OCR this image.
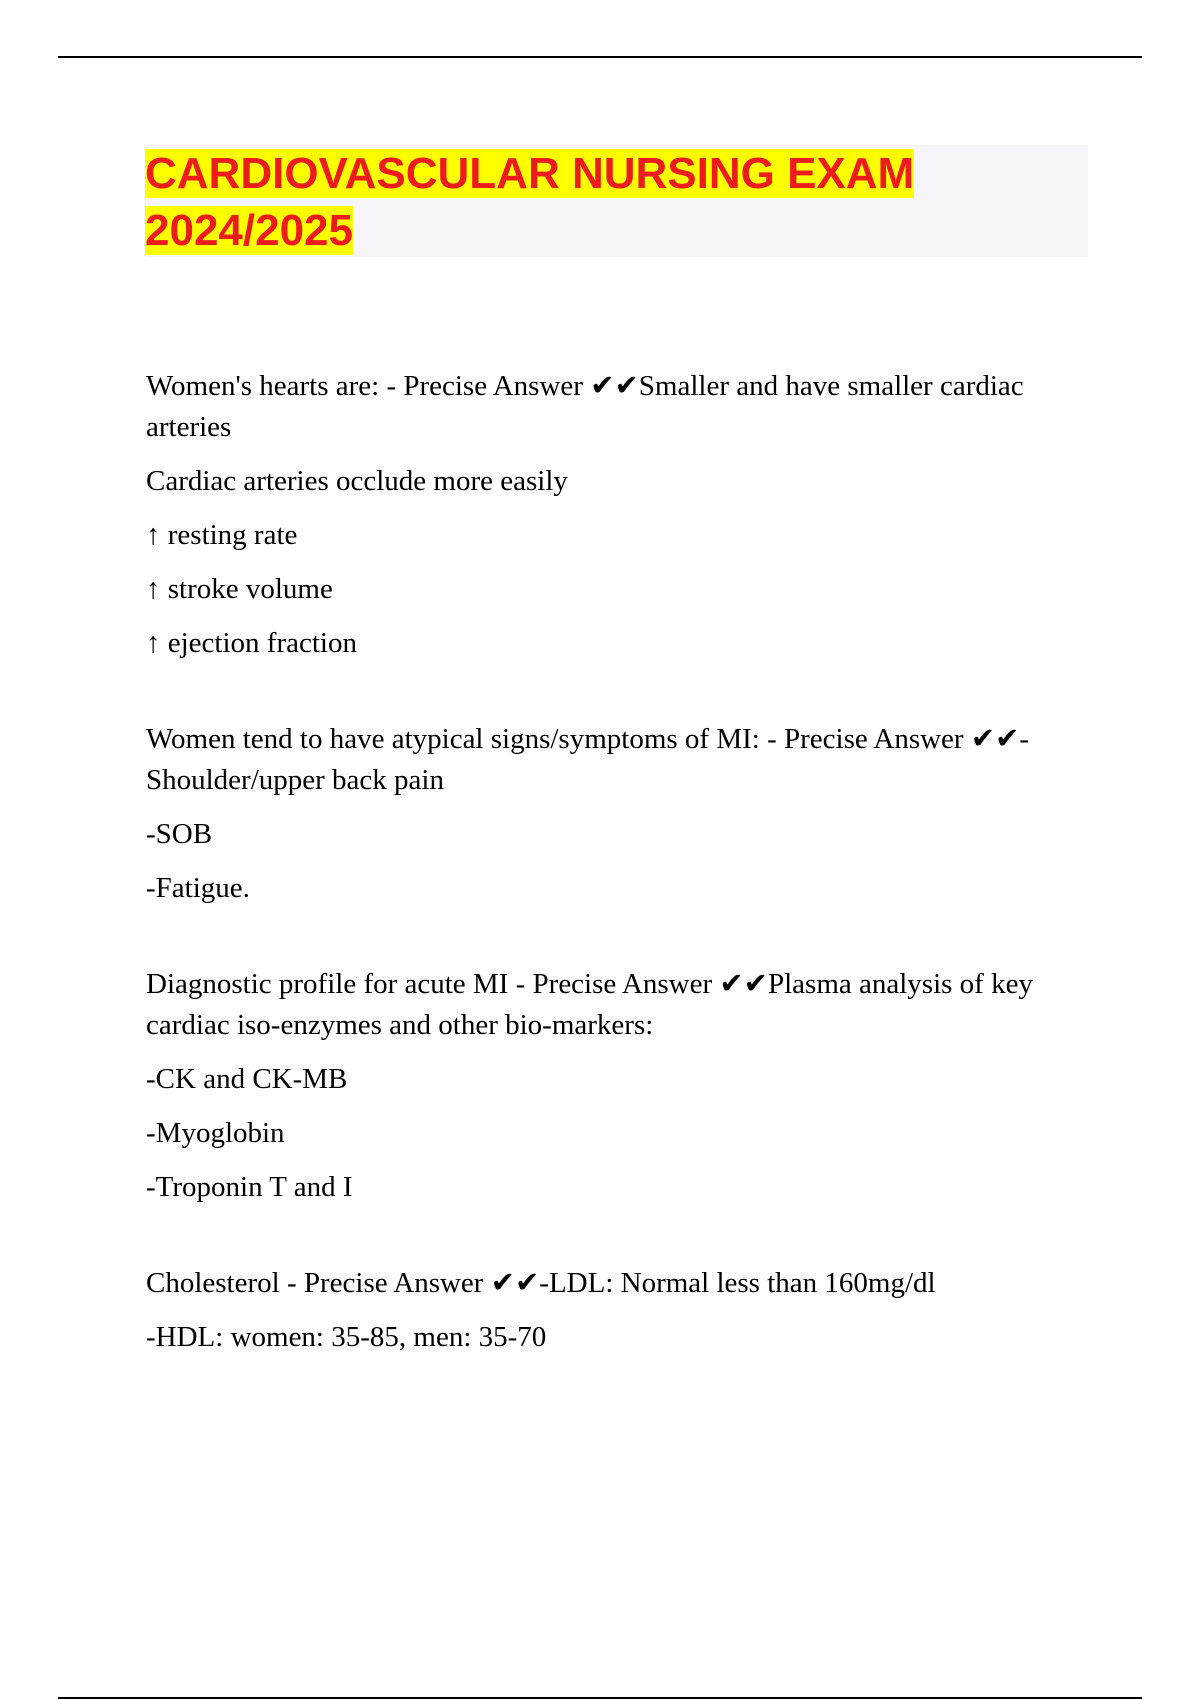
CARDIOVASCULAR NURSING EXAM
2024/2025

Women's hearts are: - Precise Answer ✔✔Smaller and have smaller cardiac arteries

Cardiac arteries occlude more easily

↑ resting rate

↑ stroke volume

↑ ejection fraction

Women tend to have atypical signs/symptoms of MI: - Precise Answer ✔✔-Shoulder/upper back pain

-SOB

-Fatigue.

Diagnostic profile for acute MI - Precise Answer ✔✔Plasma analysis of key cardiac iso-enzymes and other bio-markers:

-CK and CK-MB

-Myoglobin

-Troponin T and I

Cholesterol - Precise Answer ✔✔-LDL: Normal less than 160mg/dl

-HDL: women: 35-85, men: 35-70
